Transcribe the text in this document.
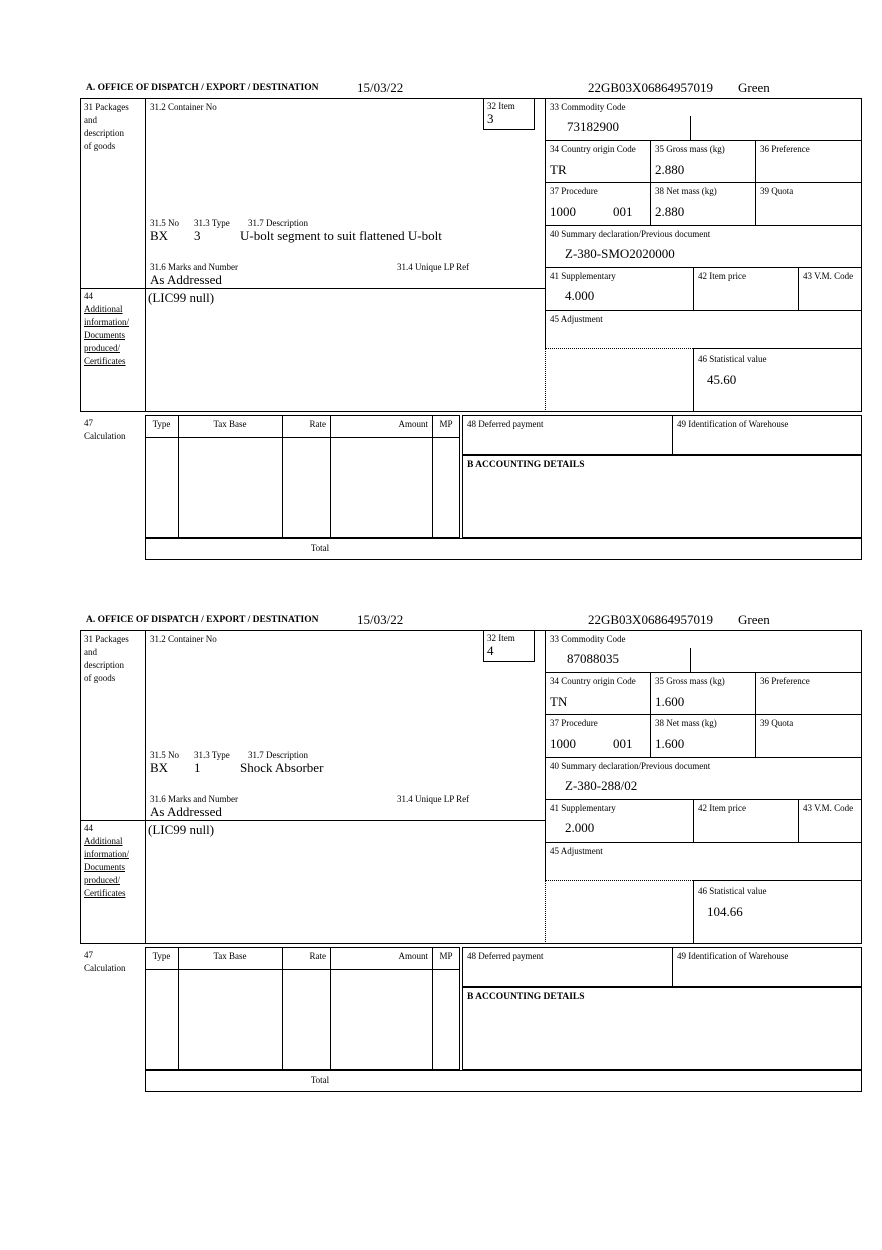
A. OFFICE OF DISPATCH / EXPORT / DESTINATION	15/03/22	22GB03X06864957019 Green
31 Packages
and
description
of goods
44
Additional
information/
Documents
produced/
Certificates
(LIC99 null)
31.2 Container No	32 Item
3
31.5 No 31.3 Type 31.7 Description
BX 3	U-bolt segment to suit flattened U-bolt
31.6 Marks and Number	31.4 Unique LP Ref
As Addressed
33 Commodity Code
73182900
34 Country origin Code
TR
35 Gross mass (kg)
2.880
36 Preference
37 Procedure
1000	001
38 Net mass (kg)
2.880
39 Quota
40 Summary declaration/Previous document
Z-380-SMO2020000
41 Supplementary
4.000
42 Item price	43 V.M. Code
45 Adjustment
46 Statistical value
45.60
47
Calculation
Type	Tax Base	Rate	Amount	MP
Total
48 Deferred payment	49 Identification of Warehouse
B ACCOUNTING DETAILS
A. OFFICE OF DISPATCH / EXPORT / DESTINATION	15/03/22	22GB03X06864957019 Green
31 Packages
and
description
of goods
44
Additional
information/
Documents
produced/
Certificates
(LIC99 null)
31.2 Container No	32 Item
4
31.5 No 31.3 Type 31.7 Description
BX 1	Shock Absorber
31.6 Marks and Number	31.4 Unique LP Ref
As Addressed
33 Commodity Code
87088035
34 Country origin Code
TN
35 Gross mass (kg)
1.600
36 Preference
37 Procedure
1000	001
38 Net mass (kg)
1.600
39 Quota
40 Summary declaration/Previous document
Z-380-288/02
41 Supplementary
2.000
42 Item price	43 V.M. Code
45 Adjustment
46 Statistical value
104.66
47
Calculation
Type	Tax Base	Rate	Amount	MP
Total
48 Deferred payment	49 Identification of Warehouse
B ACCOUNTING DETAILS
